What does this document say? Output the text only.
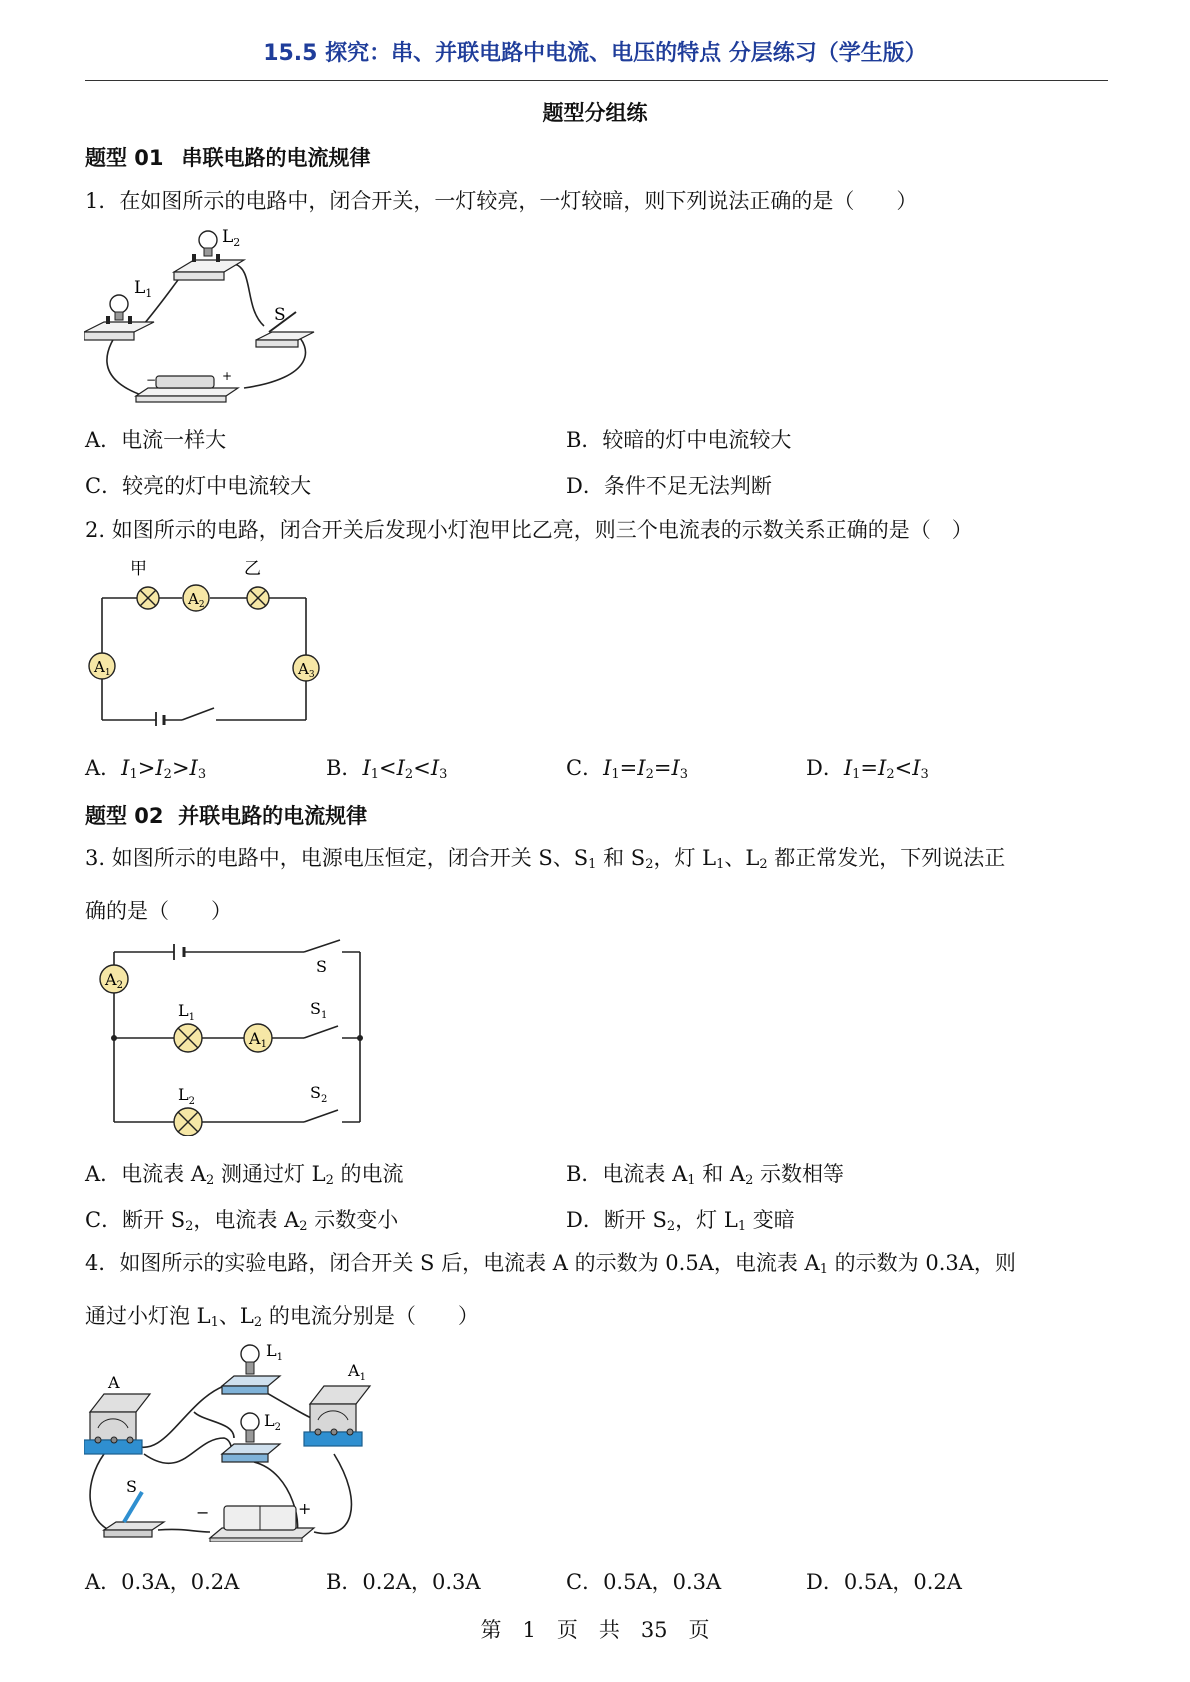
15.5 探究：串、并联电路中电流、电压的特点 分层练习（学生版）
题型分组练
题型 01 串联电路的电流规律
1．在如图所示的电路中，闭合开关，一灯较亮，一灯较暗，则下列说法正确的是（　　）
$L_1$
$L_2$
S
−	+
A．电流一样大	B．较暗的灯中电流较大
C．较亮的灯中电流较大	D．条件不足无法判断
2. 如图所示的电路，闭合开关后发现小灯泡甲比乙亮，则三个电流表的示数关系正确的是（　）
甲	乙
$A_2$
$A_1$	$A_3$
A．$I_1>I_2>I_3$	B．$I_1<I_2<I_3$	C．$I_1=I_2=I_3$	D．$I_1=I_2<I_3$
题型 02 并联电路的电流规律
3. 如图所示的电路中，电源电压恒定，闭合开关 S、$S_1$ 和 $S_2$，灯 $L_1$、$L_2$ 都正常发光，下列说法正
确的是（　　）
A2
$L_1$
A1
$L_2$
S
$S_1$
$S_2$
A．电流表 $A_2$ 测通过灯 $L_2$ 的电流	B．电流表 $A_1$ 和 $A_2$ 示数相等
C．断开 $S_2$，电流表 $A_2$ 示数变小	D．断开 $S_2$，灯 $L_1$ 变暗
4．如图所示的实验电路，闭合开关 S 后，电流表 A 的示数为 0.5A，电流表 $A_1$ 的示数为 0.3A，则
通过小灯泡 $L_1$、$L_2$ 的电流分别是（　　）
A
$A_1$
$L_1$
$L_2$
S
−	+
A．0.3A，0.2A	B．0.2A，0.3A	C．0.5A，0.3A	D．0.5A，0.2A
第　1　页　共　35　页
